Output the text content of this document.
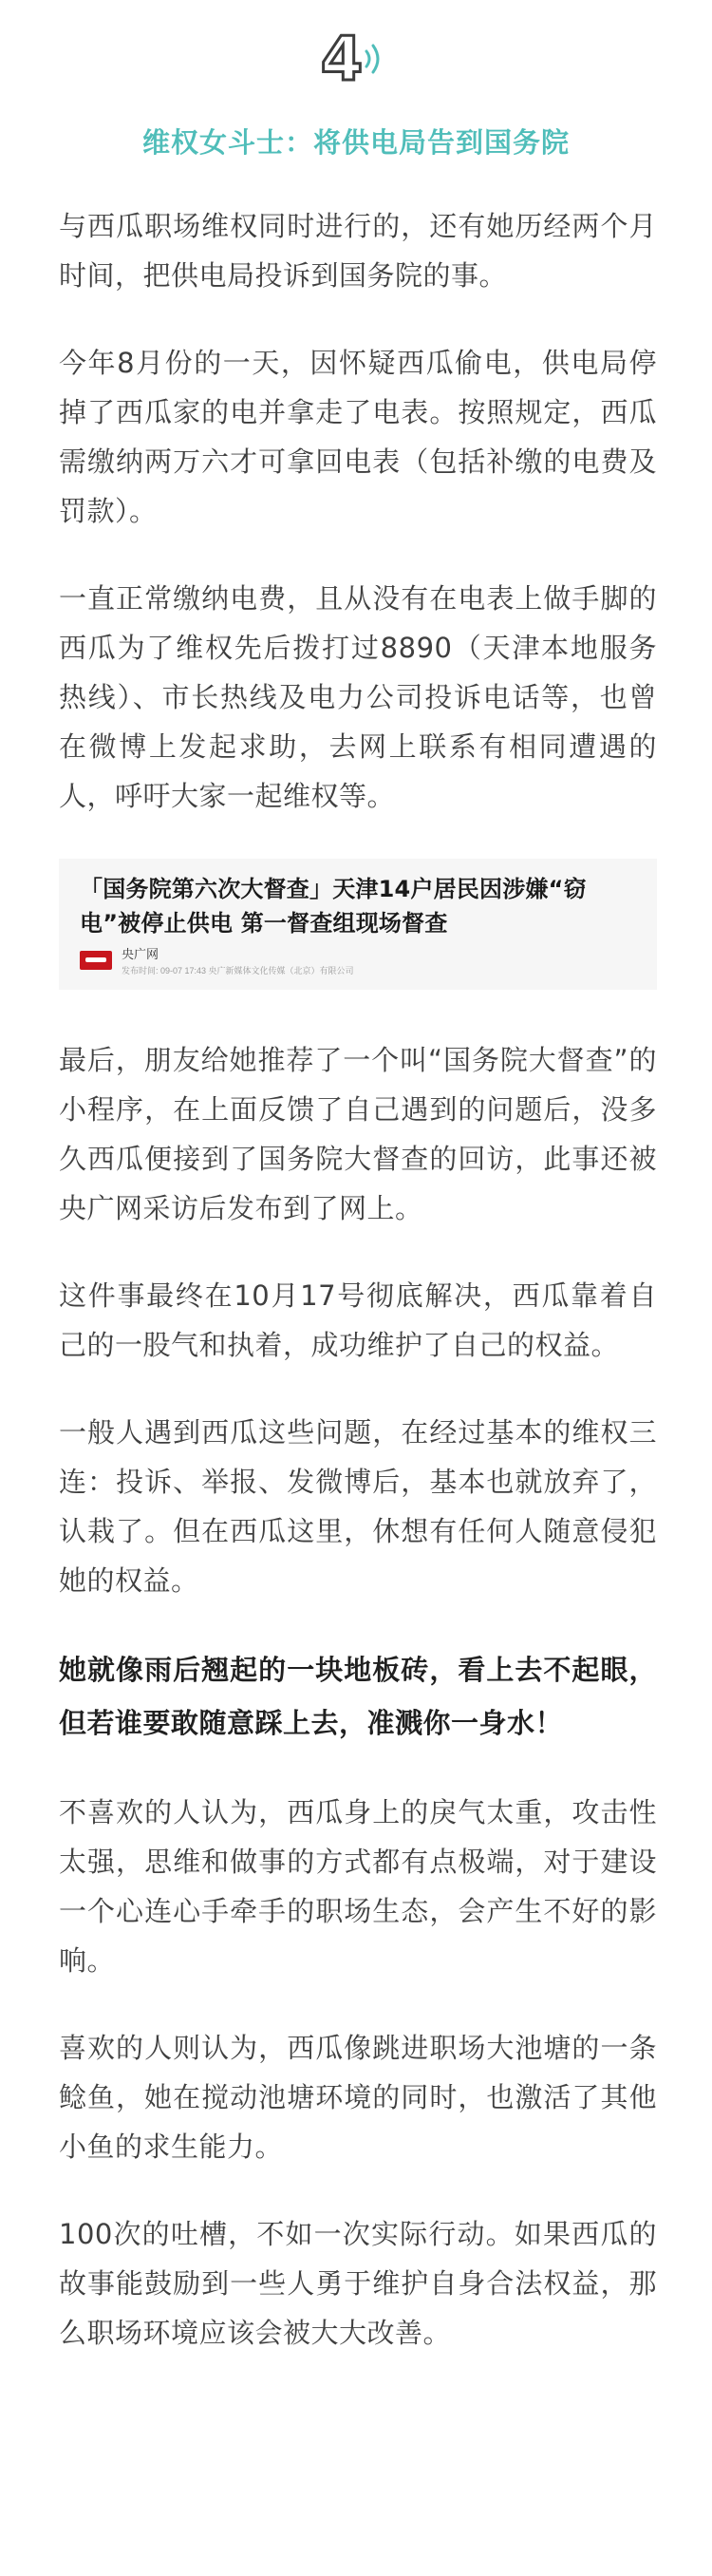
4
维权女斗士：将供电局告到国务院

与西瓜职场维权同时进行的，还有她历经两个月时间，把供电局投诉到国务院的事。

今年8月份的一天，因怀疑西瓜偷电，供电局停掉了西瓜家的电并拿走了电表。按照规定，西瓜需缴纳两万六才可拿回电表（包括补缴的电费及罚款）。

一直正常缴纳电费，且从没有在电表上做手脚的西瓜为了维权先后拨打过8890（天津本地服务热线）、市长热线及电力公司投诉电话等，也曾在微博上发起求助，去网上联系有相同遭遇的人，呼吁大家一起维权等。

「国务院第六次大督查」天津14户居民因涉嫌“窃电”被停止供电 第一督查组现场督查
央广网
发布时间: 09-07 17:43 央广新媒体文化传媒（北京）有限公司

最后，朋友给她推荐了一个叫“国务院大督查”的小程序，在上面反馈了自己遇到的问题后，没多久西瓜便接到了国务院大督查的回访，此事还被央广网采访后发布到了网上。

这件事最终在10月17号彻底解决，西瓜靠着自己的一股气和执着，成功维护了自己的权益。

一般人遇到西瓜这些问题，在经过基本的维权三连：投诉、举报、发微博后，基本也就放弃了，认栽了。但在西瓜这里，休想有任何人随意侵犯她的权益。

她就像雨后翘起的一块地板砖，看上去不起眼，但若谁要敢随意踩上去，准溅你一身水！

不喜欢的人认为，西瓜身上的戾气太重，攻击性太强，思维和做事的方式都有点极端，对于建设一个心连心手牵手的职场生态，会产生不好的影响。

喜欢的人则认为，西瓜像跳进职场大池塘的一条鲶鱼，她在搅动池塘环境的同时，也激活了其他小鱼的求生能力。

100次的吐槽，不如一次实际行动。如果西瓜的故事能鼓励到一些人勇于维护自身合法权益，那么职场环境应该会被大大改善。
